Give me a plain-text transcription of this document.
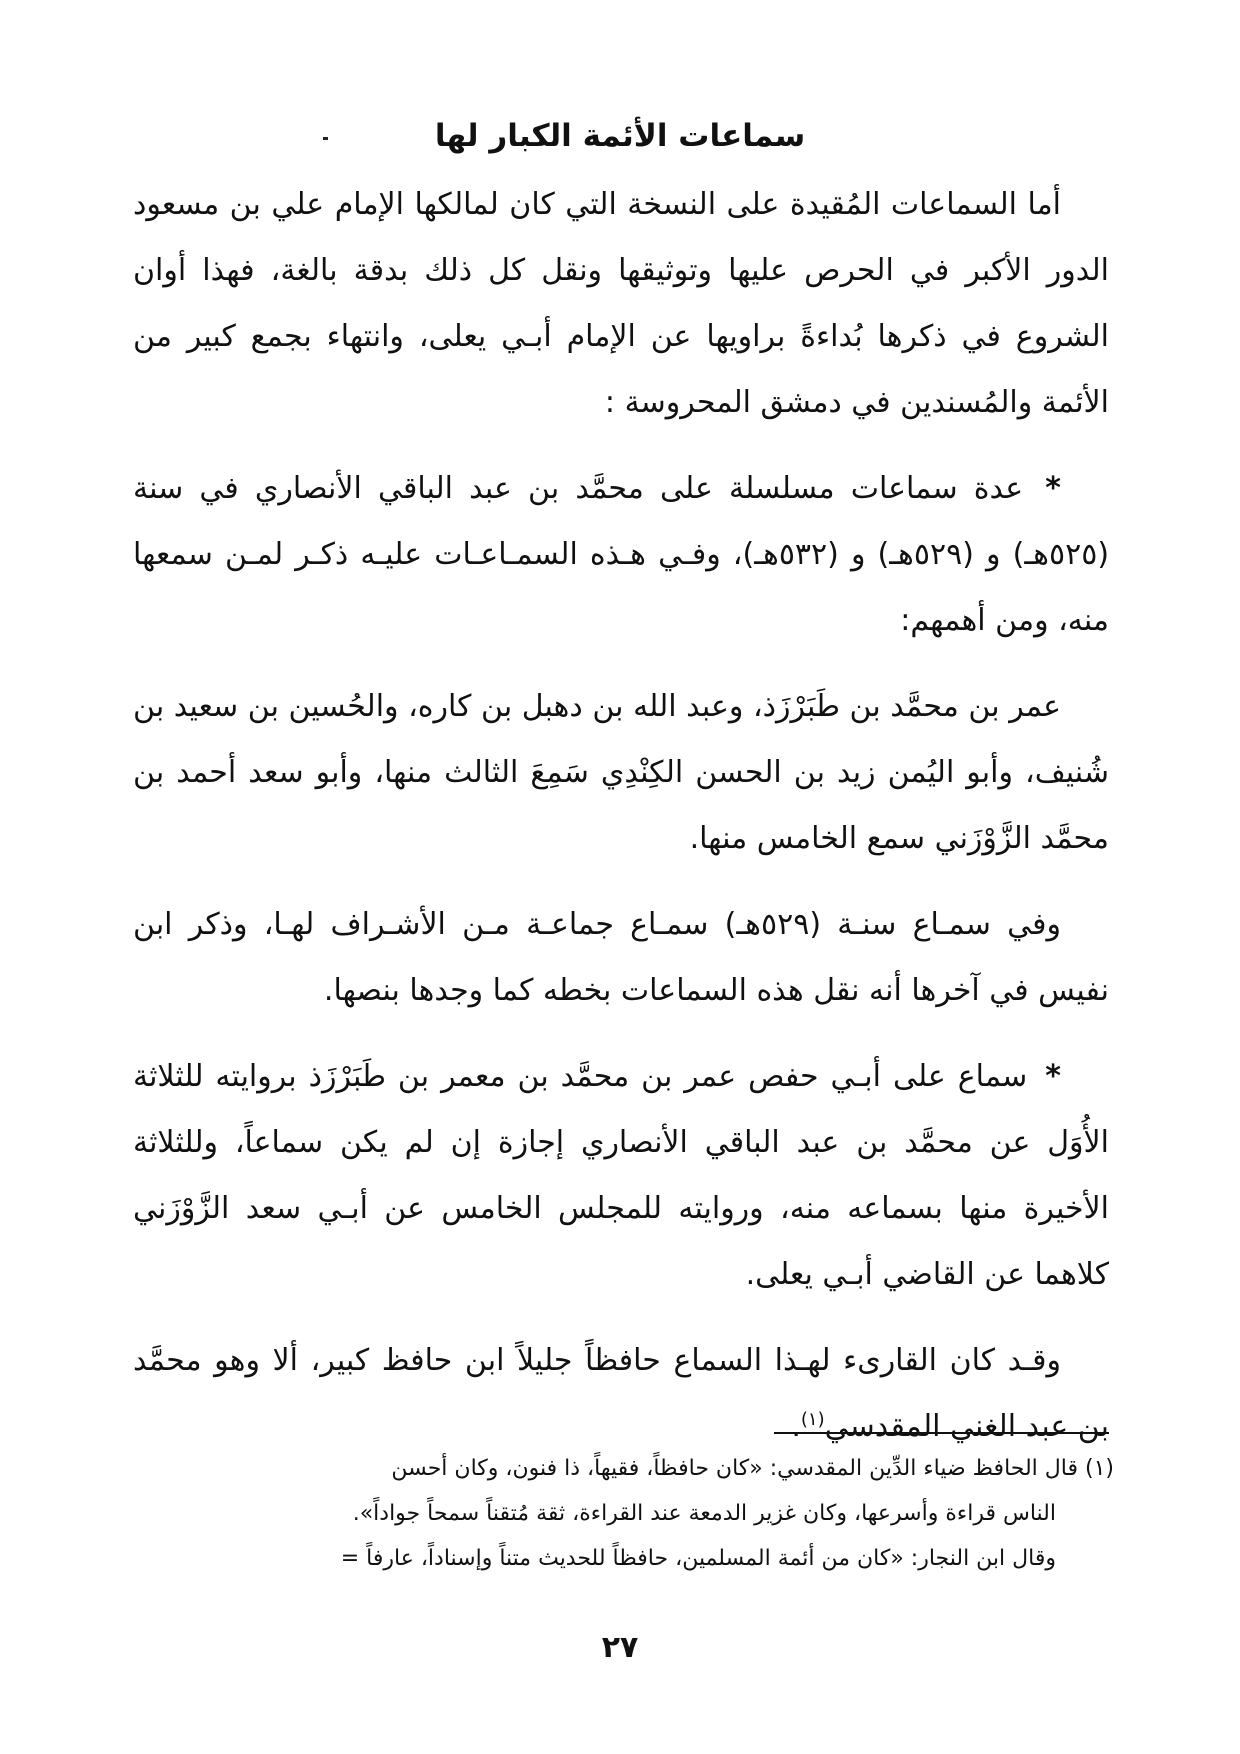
سماعات الأئمة الكبار لها

أما السماعات المُقيدة على النسخة التي كان لمالكها الإمام علي بن مسعود الدور الأكبر في الحرص عليها وتوثيقها ونقل كل ذلك بدقة بالغة، فهذا أوان الشروع في ذكرها بُداءةً براويها عن الإمام أبـي يعلى، وانتهاء بجمع كبير من الأئمة والمُسندين في دمشق المحروسة :

* عدة سماعات مسلسلة على محمَّد بن عبد الباقي الأنصاري في سنة (٥٢٥هـ) و (٥٢٩هـ) و (٥٣٢هـ)، وفـي هـذه السمـاعـات عليـه ذكـر لمـن سمعها منه، ومن أهمهم:

عمر بن محمَّد بن طَبَرْزَذ، وعبد الله بن دهبل بن كاره، والحُسين بن سعيد بن شُنيف، وأبو اليُمن زيد بن الحسن الكِنْدِي سَمِعَ الثالث منها، وأبو سعد أحمد بن محمَّد الزَّوْزَني سمع الخامس منها.

وفي سمـاع سنـة (٥٢٩هـ) سمـاع جماعـة مـن الأشـراف لهـا، وذكر ابن نفيس في آخرها أنه نقل هذه السماعات بخطه كما وجدها بنصها.

* سماع على أبـي حفص عمر بن محمَّد بن معمر بن طَبَرْزَذ بروايته للثلاثة الأُوَل عن محمَّد بن عبد الباقي الأنصاري إجازة إن لم يكن سماعاً، وللثلاثة الأخيرة منها بسماعه منه، وروايته للمجلس الخامس عن أبـي سعد الزَّوْزَني كلاهما عن القاضي أبـي يعلى.

وقـد كان القارىء لهـذا السماع حافظاً جليلاً ابن حافظ كبير، ألا وهو محمَّد بن عبد الغني المقدسي$^{(١)}$.

(١) قال الحافظ ضياء الدِّين المقدسي: «كان حافظاً، فقيهاً، ذا فنون، وكان أحسن

الناس قراءة وأسرعها، وكان غزير الدمعة عند القراءة، ثقة مُتقناً سمحاً جواداً».

وقال ابن النجار: «كان من أئمة المسلمين، حافظاً للحديث متناً وإسناداً، عارفاً =

٢٧
